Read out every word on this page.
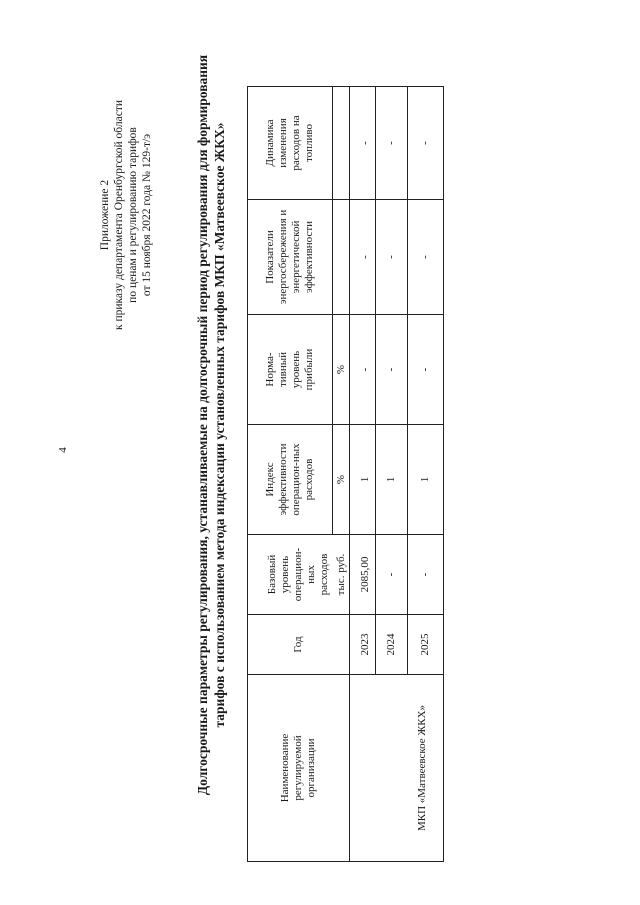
4
Приложение 2 к приказу департамента Оренбургской области по ценам и регулированию тарифов от 15 ноября 2022 года № 129-т/э	Долгосрочные параметры регулирования, устанавливаемые на долгосрочный период регулирования для формирования тарифов с использованием метода индексации установленных тарифов МКП «Матвеевское ЖКХ»
Наименование регулируемой организации
Год
Базовый уровень операцион-ных расходов
Индекс эффективности операцион-ных расходов
Норма-тивный уровень прибыли
Показатели энергосбережения и энергетической эффективности
Динамика изменения расходов на топливо
тыс. руб.
%
%
МКП «Матвеевское ЖКХ»
2023
2085,00
1
-
-
-
2024
-
1
-
-
-
2025
-
1
-
-
-
